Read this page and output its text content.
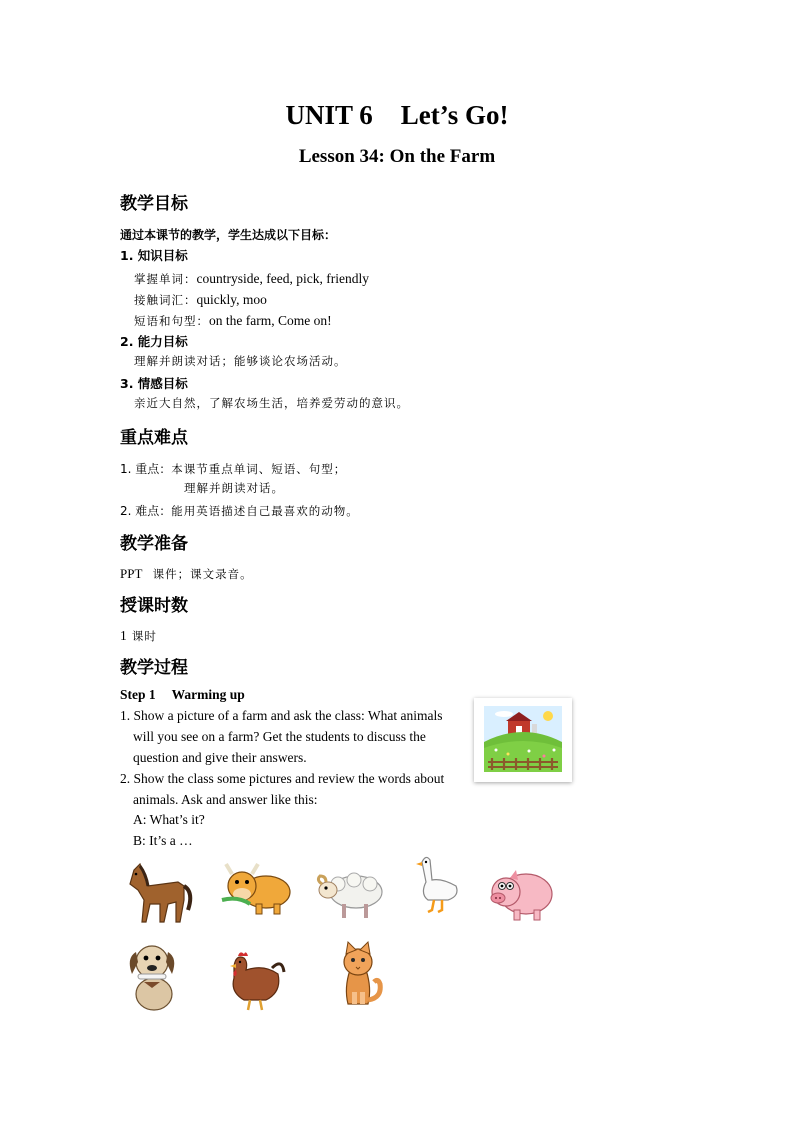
UNIT 6 Let’s Go!
Lesson 34: On the Farm
教学目标
通过本课节的教学，学生达成以下目标：
1. 知识目标
掌握单词：countryside, feed, pick, friendly
接触词汇：quickly, moo
短语和句型：on the farm, Come on!
2. 能力目标
理解并朗读对话；能够谈论农场活动。
3. 情感目标
亲近大自然，了解农场生活，培养爱劳动的意识。
重点难点
1. 重点：本课节重点单词、短语、句型；
理解并朗读对话。
2. 难点：能用英语描述自己最喜欢的动物。
教学准备
PPT 课件；课文录音。
授课时数
1 课时
教学过程
Step 1 Warming up
1. Show a picture of a farm and ask the class: What animals
will you see on a farm? Get the students to discuss the
question and give their answers.
2. Show the class some pictures and review the words about
animals. Ask and answer like this:
A: What’s it?
B: It’s a …
